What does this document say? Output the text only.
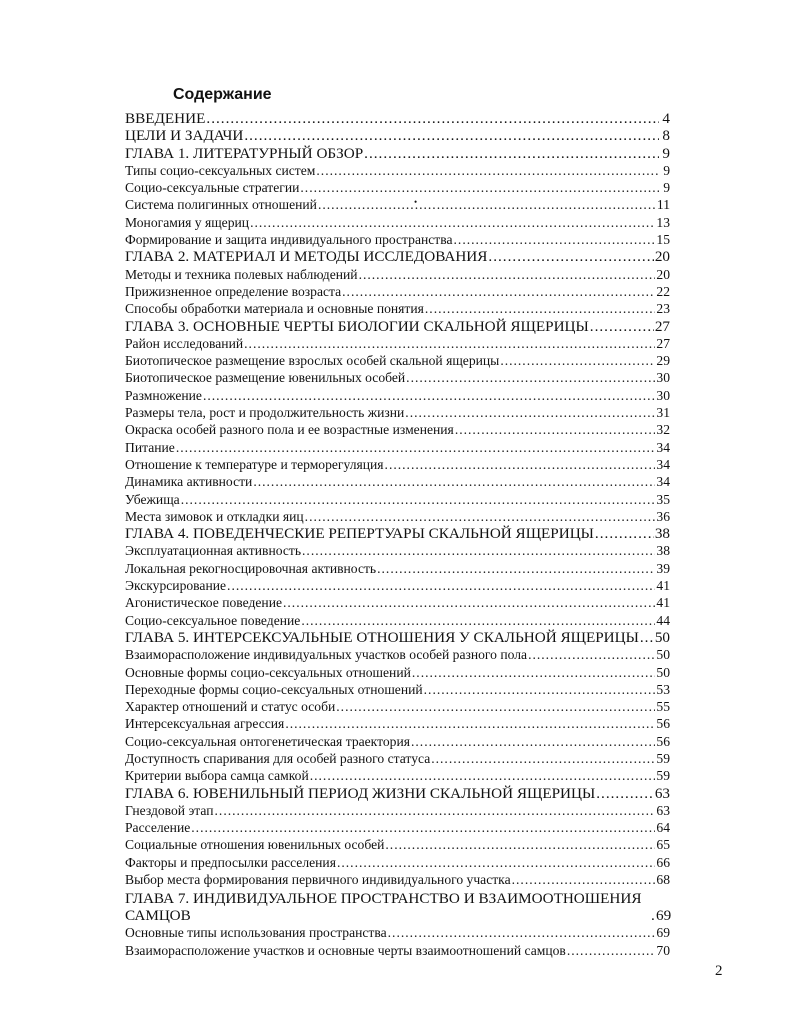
Содержание
ВВЕДЕНИЕ .....	4
ЦЕЛИ И ЗАДАЧИ .....	8
ГЛАВА 1. ЛИТЕРАТУРНЫЙ ОБЗОР .....	9
Типы социо-сексуальных систем .....	9
Социо-сексуальные стратегии .....	9
Система полигинных отношений .....	11
Моногамия у ящериц .....	13
Формирование и защита индивидуального пространства .....	15
ГЛАВА 2. МАТЕРИАЛ И МЕТОДЫ ИССЛЕДОВАНИЯ .....	20
Методы и техника полевых наблюдений .....	20
Прижизненное определение возраста .....	22
Способы обработки материала и основные понятия .....	23
ГЛАВА 3. ОСНОВНЫЕ ЧЕРТЫ БИОЛОГИИ СКАЛЬНОЙ ЯЩЕРИЦЫ .....	27
Район исследований .....	27
Биотопическое размещение взрослых особей скальной ящерицы .....	29
Биотопическое размещение ювенильных особей .....	30
Размножение .....	30
Размеры тела, рост и продолжительность жизни .....	31
Окраска особей разного пола и ее возрастные изменения .....	32
Питание .....	34
Отношение к температуре и терморегуляция .....	34
Динамика активности .....	34
Убежища .....	35
Места зимовок и откладки яиц .....	36
ГЛАВА 4. ПОВЕДЕНЧЕСКИЕ РЕПЕРТУАРЫ СКАЛЬНОЙ ЯЩЕРИЦЫ .....	38
Эксплуатационная активность .....	38
Локальная рекогносцировочная активность .....	39
Экскурсирование .....	41
Агонистическое поведение .....	41
Социо-сексуальное поведение .....	44
ГЛАВА 5. ИНТЕРСЕКСУАЛЬНЫЕ ОТНОШЕНИЯ У СКАЛЬНОЙ ЯЩЕРИЦЫ ..... 50
Взаиморасположение индивидуальных участков особей разного пола .....	50
Основные формы социо-сексуальных отношений .....	50
Переходные формы социо-сексуальных отношений .....	53
Характер отношений и статус особи .....	55
Интерсексуальная агрессия .....	56
Социо-сексуальная онтогенетическая траектория .....	56
Доступность спаривания для особей разного статуса .....	59
Критерии выбора самца самкой .....	59
ГЛАВА 6. ЮВЕНИЛЬНЫЙ ПЕРИОД ЖИЗНИ СКАЛЬНОЙ ЯЩЕРИЦЫ .....	63
Гнездовой этап .....	63
Расселение .....	64
Социальные отношения ювенильных особей .....	65
Факторы и предпосылки расселения .....	66
Выбор места формирования первичного индивидуального участка .....	68
ГЛАВА 7. ИНДИВИДУАЛЬНОЕ ПРОСТРАНСТВО И ВЗАИМООТНОШЕНИЯ САМЦОВ .....	69
Основные типы использования пространства .....	69
Взаиморасположение участков и основные черты взаимоотношений самцов .....	70
•
2
